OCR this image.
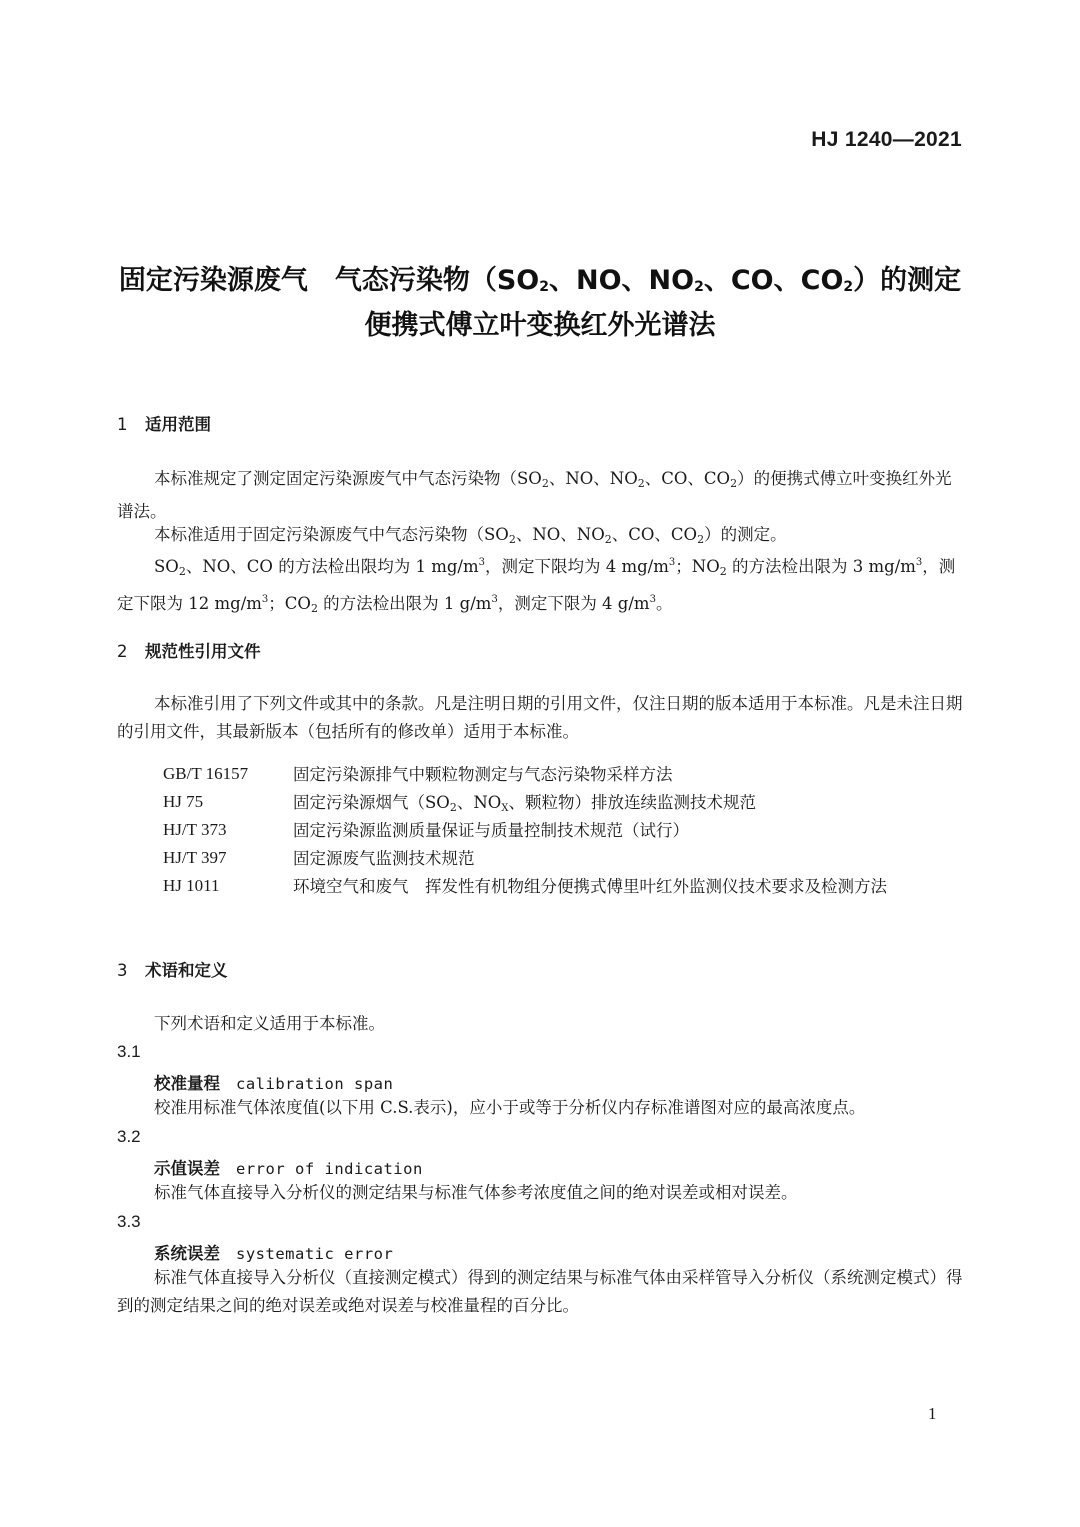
HJ 1240—2021
固定污染源废气　气态污染物（$SO_2$、NO、$NO_2$、CO、$CO_2$）的测定
便携式傅立叶变换红外光谱法
1 适用范围
本标准规定了测定固定污染源废气中气态污染物（$SO_2$、NO、$NO_2$、CO、$CO_2$）的便携式傅立叶变换红外光谱法。
本标准适用于固定污染源废气中气态污染物（$SO_2$、NO、$NO_2$、CO、$CO_2$）的测定。
$SO_2$、NO、CO 的方法检出限均为 1 $mg/m^3$，测定下限均为 4 $mg/m^3$；$NO_2$ 的方法检出限为 3 $mg/m^3$，测定下限为 12 $mg/m^3$；$CO_2$ 的方法检出限为 1 $g/m^3$，测定下限为 4 $g/m^3$。
2 规范性引用文件
本标准引用了下列文件或其中的条款。凡是注明日期的引用文件，仅注日期的版本适用于本标准。凡是未注日期的引用文件，其最新版本（包括所有的修改单）适用于本标准。
GB/T 16157	固定污染源排气中颗粒物测定与气态污染物采样方法
HJ 75	固定污染源烟气（$SO_2$、$NO_X$、颗粒物）排放连续监测技术规范
HJ/T 373	固定污染源监测质量保证与质量控制技术规范（试行）
HJ/T 397	固定源废气监测技术规范
HJ 1011	环境空气和废气　挥发性有机物组分便携式傅里叶红外监测仪技术要求及检测方法
3 术语和定义
下列术语和定义适用于本标准。
3.1
校准量程 calibration span
校准用标准气体浓度值(以下用 C.S.表示)，应小于或等于分析仪内存标准谱图对应的最高浓度点。
3.2
示值误差 error of indication
标准气体直接导入分析仪的测定结果与标准气体参考浓度值之间的绝对误差或相对误差。
3.3
系统误差 systematic error
标准气体直接导入分析仪（直接测定模式）得到的测定结果与标准气体由采样管导入分析仪（系统测定模式）得到的测定结果之间的绝对误差或绝对误差与校准量程的百分比。
1
